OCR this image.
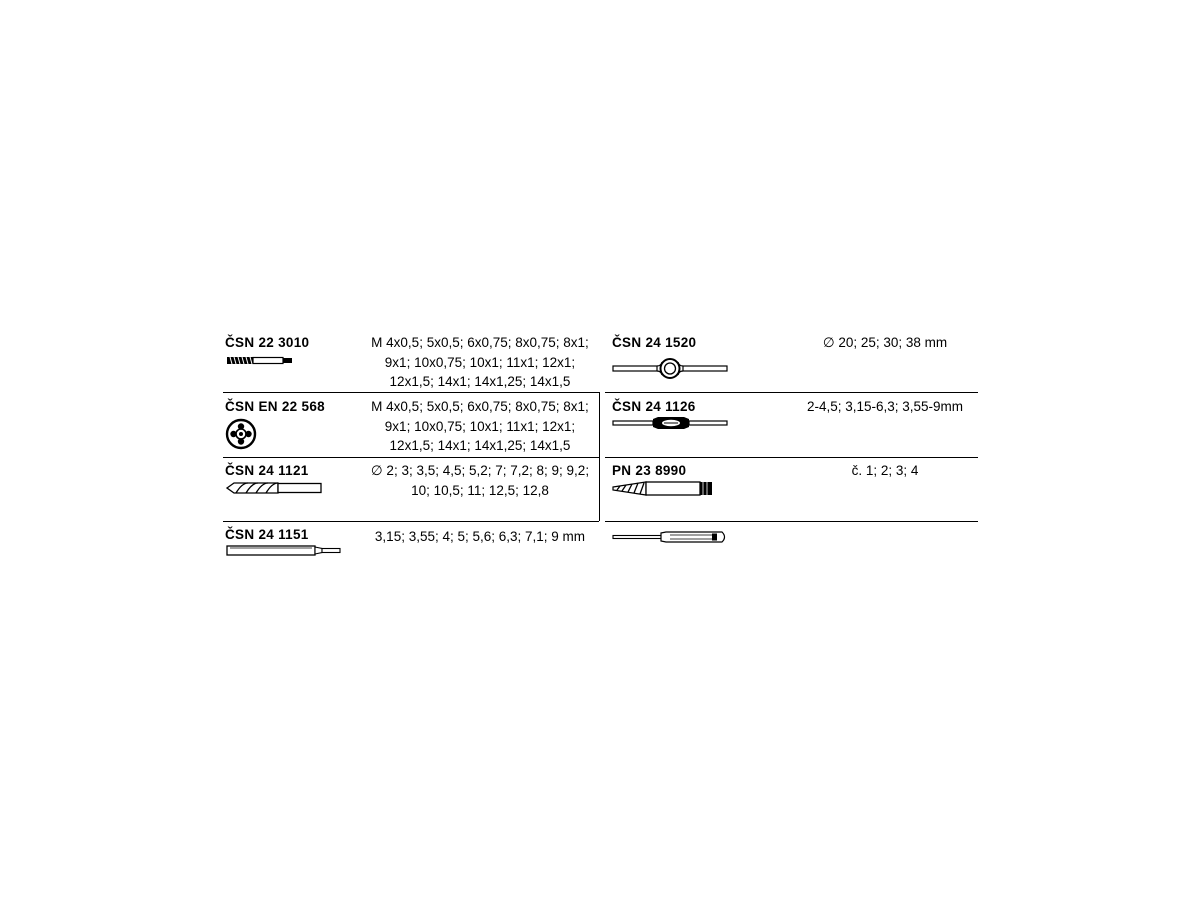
ČSN 22 3010	M 4x0,5; 5x0,5; 6x0,75; 8x0,75; 8x1;
9x1; 10x0,75; 10x1; 11x1; 12x1;
12x1,5; 14x1; 14x1,25; 14x1,5
ČSN EN 22 568	M 4x0,5; 5x0,5; 6x0,75; 8x0,75; 8x1;
9x1; 10x0,75; 10x1; 11x1; 12x1;
12x1,5; 14x1; 14x1,25; 14x1,5
ČSN 24 1121	∅ 2; 3; 3,5; 4,5; 5,2; 7; 7,2; 8; 9; 9,2;
10; 10,5; 11; 12,5; 12,8
ČSN 24 1151	3,15; 3,55; 4; 5; 5,6; 6,3; 7,1; 9 mm
ČSN 24 1520	∅ 20; 25; 30; 38 mm
ČSN 24 1126	2-4,5; 3,15-6,3; 3,55-9mm
PN 23 8990	č. 1; 2; 3; 4
